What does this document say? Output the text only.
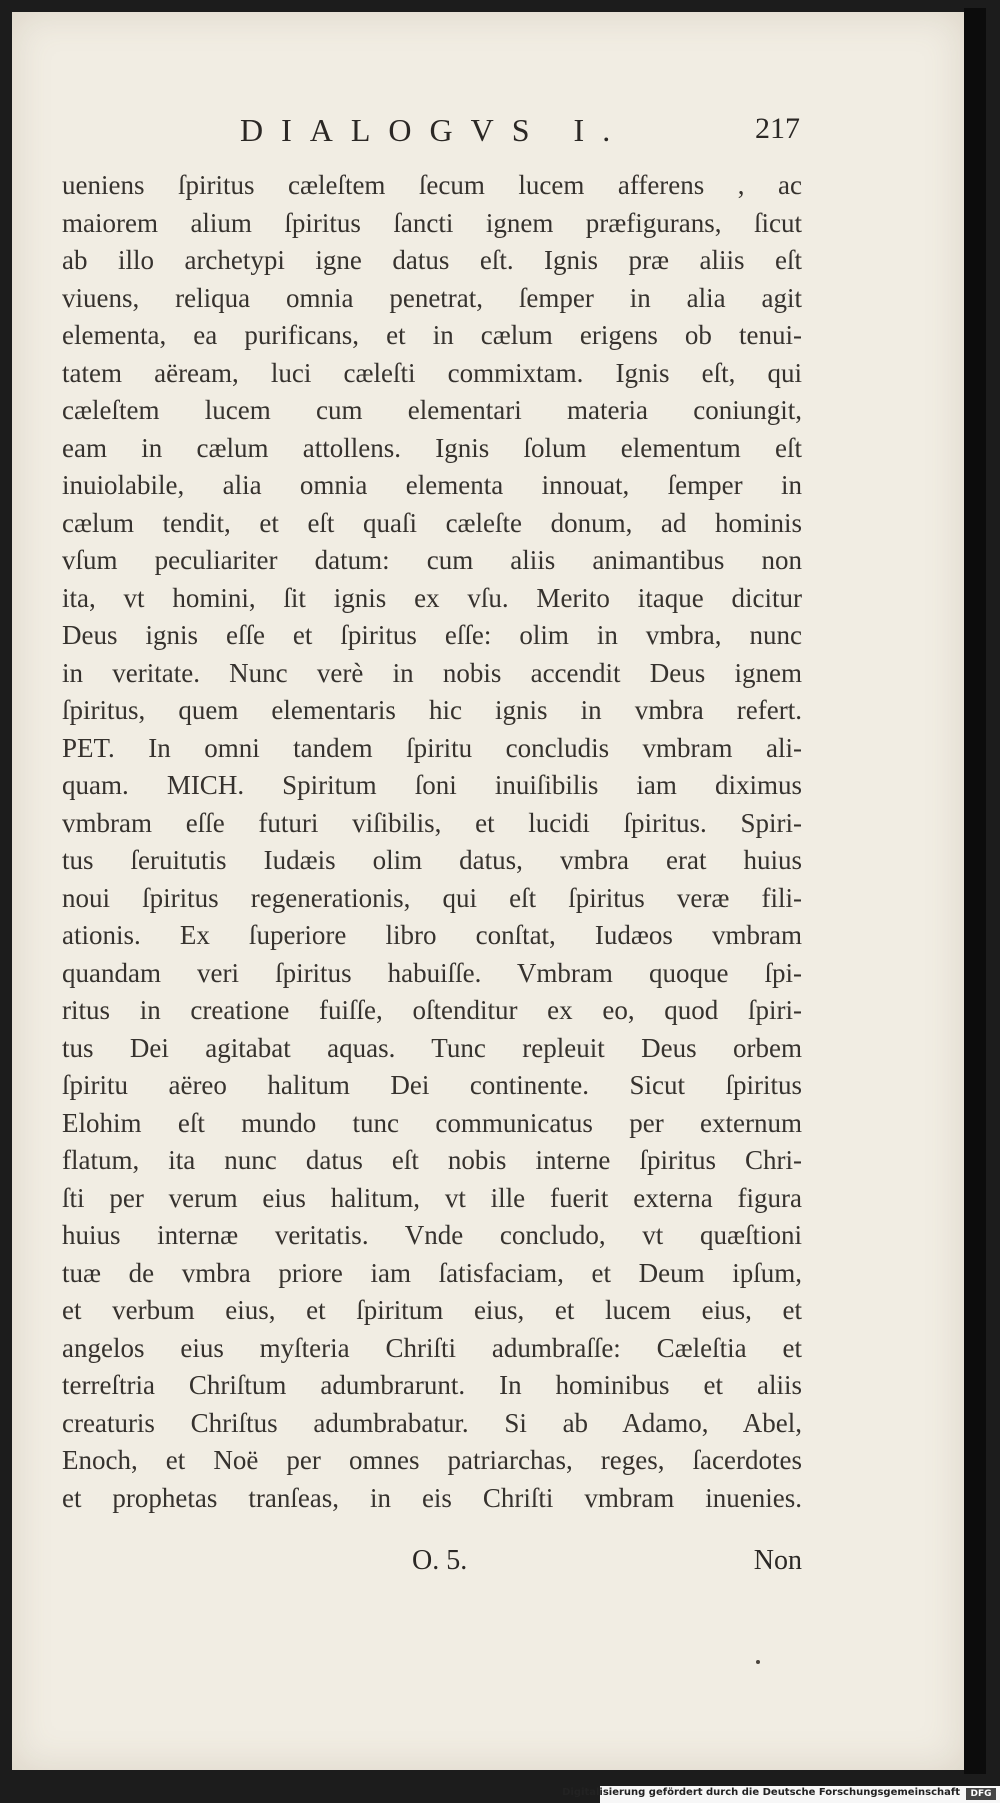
DIALOGVS I.	217
ueniens ſpiritus cæleſtem ſecum lucem afferens , ac
maiorem alium ſpiritus ſancti ignem præfigurans, ſicut
ab illo archetypi igne datus eſt. Ignis præ aliis eſt
viuens, reliqua omnia penetrat, ſemper in alia agit
elementa, ea purificans, et in cælum erigens ob tenui-
tatem aëream, luci cæleſti commixtam. Ignis eſt, qui
cæleſtem lucem cum elementari materia coniungit,
eam in cælum attollens. Ignis ſolum elementum eſt
inuiolabile, alia omnia elementa innouat, ſemper in
cælum tendit, et eſt quaſi cæleſte donum, ad hominis
vſum peculiariter datum: cum aliis animantibus non
ita, vt homini, ſit ignis ex vſu. Merito itaque dicitur
Deus ignis eſſe et ſpiritus eſſe: olim in vmbra, nunc
in veritate. Nunc verè in nobis accendit Deus ignem
ſpiritus, quem elementaris hic ignis in vmbra refert.
PET. In omni tandem ſpiritu concludis vmbram ali-
quam. MICH. Spiritum ſoni inuiſibilis iam diximus
vmbram eſſe futuri viſibilis, et lucidi ſpiritus. Spiri-
tus ſeruitutis Iudæis olim datus, vmbra erat huius
noui ſpiritus regenerationis, qui eſt ſpiritus veræ fili-
ationis. Ex ſuperiore libro conſtat, Iudæos vmbram
quandam veri ſpiritus habuiſſe. Vmbram quoque ſpi-
ritus in creatione fuiſſe, oſtenditur ex eo, quod ſpiri-
tus Dei agitabat aquas. Tunc repleuit Deus orbem
ſpiritu aëreo halitum Dei continente. Sicut ſpiritus
Elohim eſt mundo tunc communicatus per externum
flatum, ita nunc datus eſt nobis interne ſpiritus Chri-
ſti per verum eius halitum, vt ille fuerit externa figura
huius internæ veritatis. Vnde concludo, vt quæſtioni
tuæ de vmbra priore iam ſatisfaciam, et Deum ipſum,
et verbum eius, et ſpiritum eius, et lucem eius, et
angelos eius myſteria Chriſti adumbraſſe: Cæleſtia et
terreſtria Chriſtum adumbrarunt. In hominibus et aliis
creaturis Chriſtus adumbrabatur. Si ab Adamo, Abel,
Enoch, et Noë per omnes patriarchas, reges, ſacerdotes
et prophetas tranſeas, in eis Chriſti vmbram inuenies.
O. 5.	Non
Digitalisierung gefördert durch die Deutsche Forschungsgemeinschaft	DFG
